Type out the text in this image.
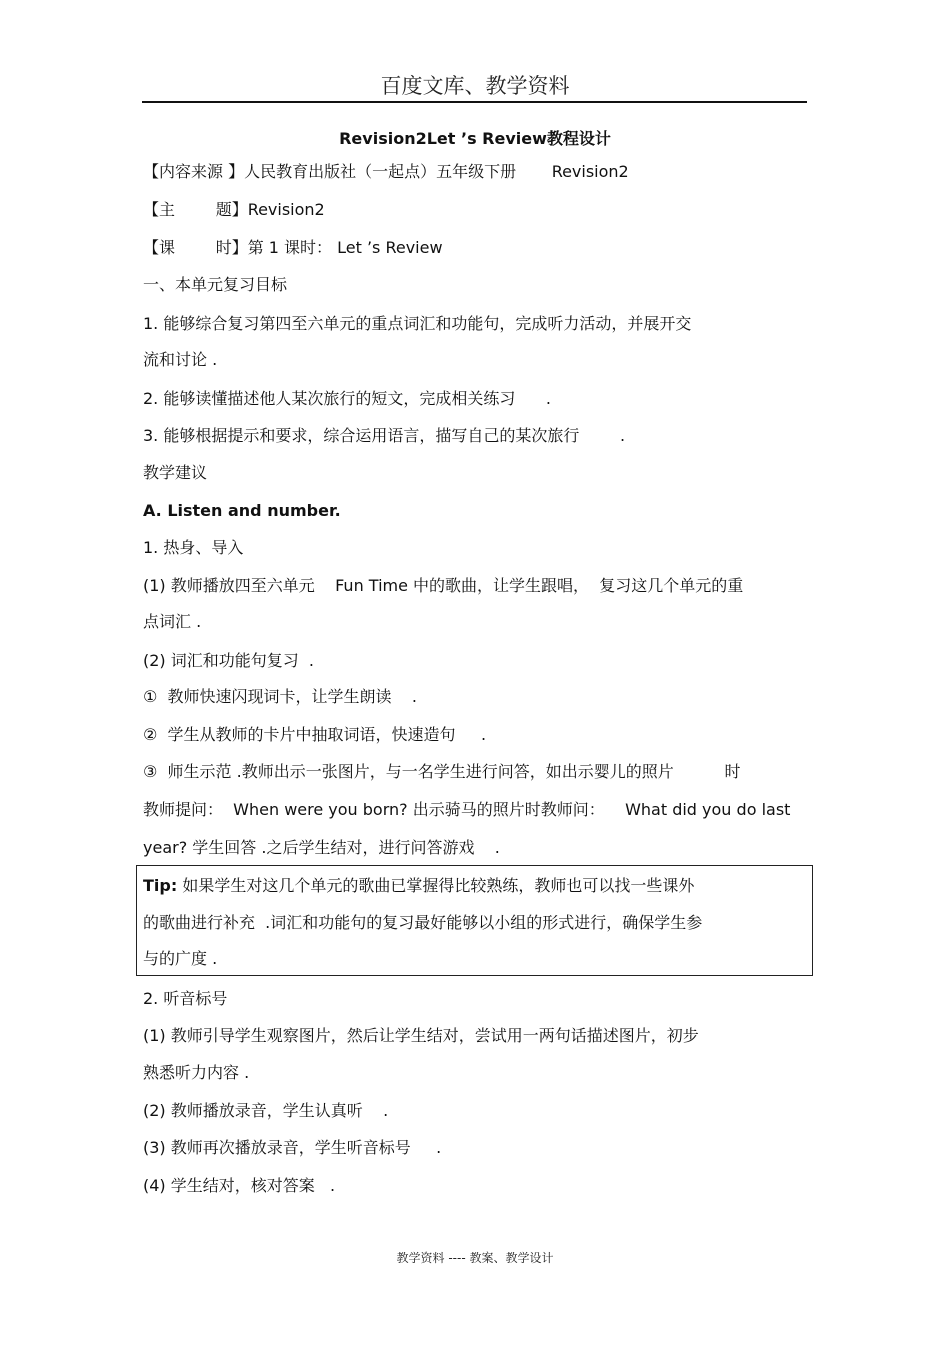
百度文库、教学资料
Revision2Let ’s Review教程设计
【内容来源 】人民教育出版社（一起点）五年级下册       Revision2
【主        题】Revision2
【课        时】第 1 课时： Let ’s Review
一、本单元复习目标
1. 能够综合复习第四至六单元的重点词汇和功能句，完成听力活动，并展开交
流和讨论 .
2. 能够读懂描述他人某次旅行的短文，完成相关练习      .
3. 能够根据提示和要求，综合运用语言，描写自己的某次旅行        .
教学建议
A. Listen and number.
1. 热身、导入
(1) 教师播放四至六单元    Fun Time 中的歌曲，让学生跟唱，  复习这几个单元的重
点词汇 .
(2) 词汇和功能句复习  .
①  教师快速闪现词卡，让学生朗读    .
②  学生从教师的卡片中抽取词语，快速造句     .
③  师生示范 .教师出示一张图片，与一名学生进行问答，如出示婴儿的照片          时
教师提问：  When were you born? 出示骑马的照片时教师问：    What did you do last
year? 学生回答 .之后学生结对，进行问答游戏    .
Tip: 如果学生对这几个单元的歌曲已掌握得比较熟练，教师也可以找一些课外
的歌曲进行补充  .词汇和功能句的复习最好能够以小组的形式进行，确保学生参
与的广度 .
2. 听音标号
(1) 教师引导学生观察图片，然后让学生结对，尝试用一两句话描述图片，初步
熟悉听力内容 .
(2) 教师播放录音，学生认真听    .
(3) 教师再次播放录音，学生听音标号     .
(4) 学生结对，核对答案   .
教学资料 ---- 教案、教学设计
